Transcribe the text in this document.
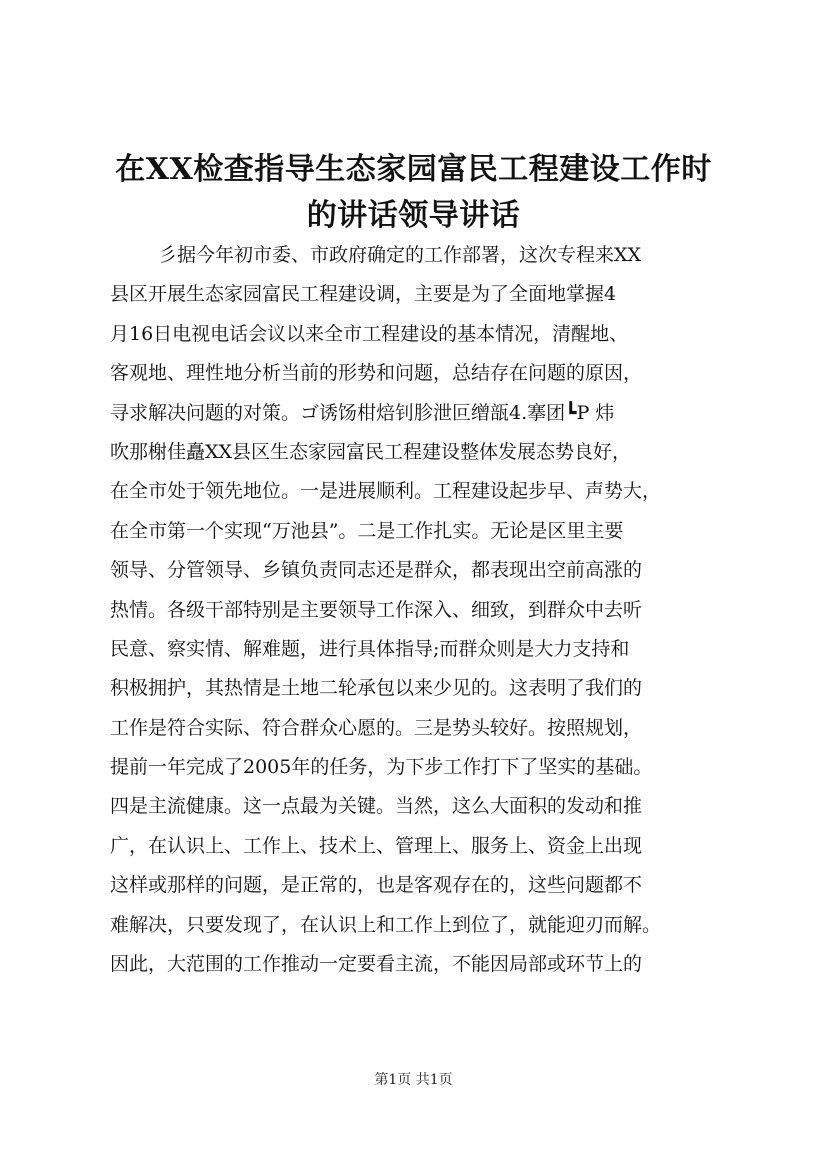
在XX检查指导生态家园富民工程建设工作时
的讲话领导讲话
彡据今年初市委、市政府确定的工作部署，这次专程来XX
县区开展生态家园富民工程建设调，主要是为了全面地掌握4
月16日电视电话会议以来全市工程建设的基本情况，清醒地、
客观地、理性地分析当前的形势和问题，总结存在问题的原因，
寻求解决问题的对策。ゴ诱饧柑焙钊胗泄叵缯瓿4.搴团┗P 炜
吹那榭佳矗XX县区生态家园富民工程建设整体发展态势良好，
在全市处于领先地位。一是进展顺利。工程建设起步早、声势大，
在全市第一个实现“万池县”。二是工作扎实。无论是区里主要
领导、分管领导、乡镇负责同志还是群众，都表现出空前高涨的
热情。各级干部特别是主要领导工作深入、细致，到群众中去听
民意、察实情、解难题，进行具体指导;而群众则是大力支持和
积极拥护，其热情是土地二轮承包以来少见的。这表明了我们的
工作是符合实际、符合群众心愿的。三是势头较好。按照规划，
提前一年完成了2005年的任务，为下步工作打下了坚实的基础。
四是主流健康。这一点最为关键。当然，这么大面积的发动和推
广，在认识上、工作上、技术上、管理上、服务上、资金上出现
这样或那样的问题，是正常的，也是客观存在的，这些问题都不
难解决，只要发现了，在认识上和工作上到位了，就能迎刃而解。
因此，大范围的工作推动一定要看主流，不能因局部或环节上的
第1页 共1页
